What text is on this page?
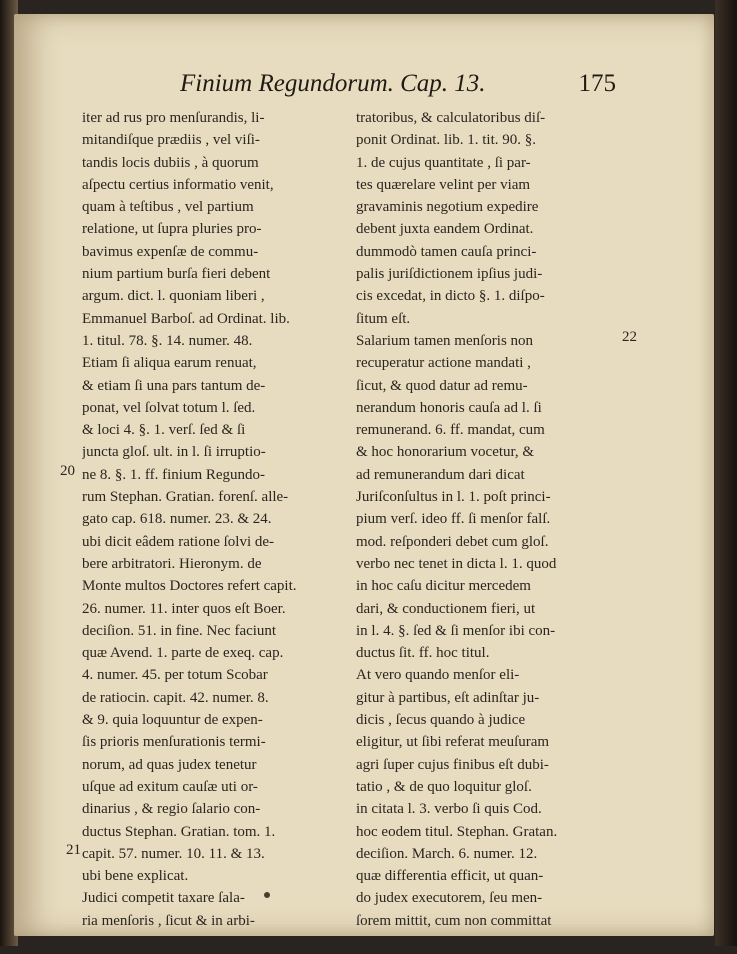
Finium Regundorum. Cap. 13.	175
iter ad rus pro menſurandis, li-
mitandiſque prædiis , vel viſi-
tandis locis dubiis , à quorum
aſpectu certius informatio venit,
quam à teſtibus , vel partium
relatione, ut ſupra pluries pro-
bavimus expenſæ de commu-
nium partium burſa fieri debent
argum. dict. l. quoniam liberi ,
Emmanuel Barboſ. ad Ordinat. lib.
1. titul. 78. §. 14. numer. 48.
Etiam ſi aliqua earum renuat,
& etiam ſi una pars tantum de-
ponat, vel ſolvat totum l. ſed.
& loci 4. §. 1. verſ. ſed & ſi
juncta gloſ. ult. in l. ſi irruptio-
ne 8. §. 1. ff. finium Regundo-
rum Stephan. Gratian. forenſ. alle-
gato cap. 618. numer. 23. & 24.
ubi dicit eâdem ratione ſolvi de-
bere arbitratori. Hieronym. de
Monte multos Doctores refert capit.
26. numer. 11. inter quos eſt Boer.
deciſion. 51. in fine. Nec faciunt
quæ Avend. 1. parte de exeq. cap.
4. numer. 45. per totum Scobar
de ratiocin. capit. 42. numer. 8.
& 9. quia loquuntur de expen-
ſis prioris menſurationis termi-
norum, ad quas judex tenetur
uſque ad exitum cauſæ uti or-
dinarius , & regio ſalario con-
ductus Stephan. Gratian. tom. 1.
capit. 57. numer. 10. 11. & 13.
ubi bene explicat.
Judici competit taxare ſala-
ria menſoris , ſicut & in arbi-
tratoribus, & calculatoribus diſ-
ponit Ordinat. lib. 1. tit. 90. §.
1. de cujus quantitate , ſi par-
tes quærelare velint per viam
gravaminis negotium expedire
debent juxta eandem Ordinat.
dummodò tamen cauſa princi-
palis juriſdictionem ipſius judi-
cis excedat, in dicto §. 1. diſpo-
ſitum eſt.
Salarium tamen menſoris non
recuperatur actione mandati ,
ſicut, & quod datur ad remu-
nerandum honoris cauſa ad l. ſi
remunerand. 6. ff. mandat, cum
& hoc honorarium vocetur, &
ad remunerandum dari dicat
Juriſconſultus in l. 1. poſt princi-
pium verſ. ideo ff. ſi menſor falſ.
mod. reſponderi debet cum gloſ.
verbo nec tenet in dicta l. 1. quod
in hoc caſu dicitur mercedem
dari, & conductionem fieri, ut
in l. 4. §. ſed & ſi menſor ibi con-
ductus ſit. ff. hoc titul.
At vero quando menſor eli-
gitur à partibus, eſt adinſtar ju-
dicis , ſecus quando à judice
eligitur, ut ſibi referat meuſuram
agri ſuper cujus finibus eſt dubi-
tatio , & de quo loquitur gloſ.
in citata l. 3. verbo ſi quis Cod.
hoc eodem titul. Stephan. Gratan.
deciſion. March. 6. numer. 12.
quæ differentia efficit, ut quan-
do judex executorem, ſeu men-
ſorem mittit, cum non committat
illi
20
21
22
